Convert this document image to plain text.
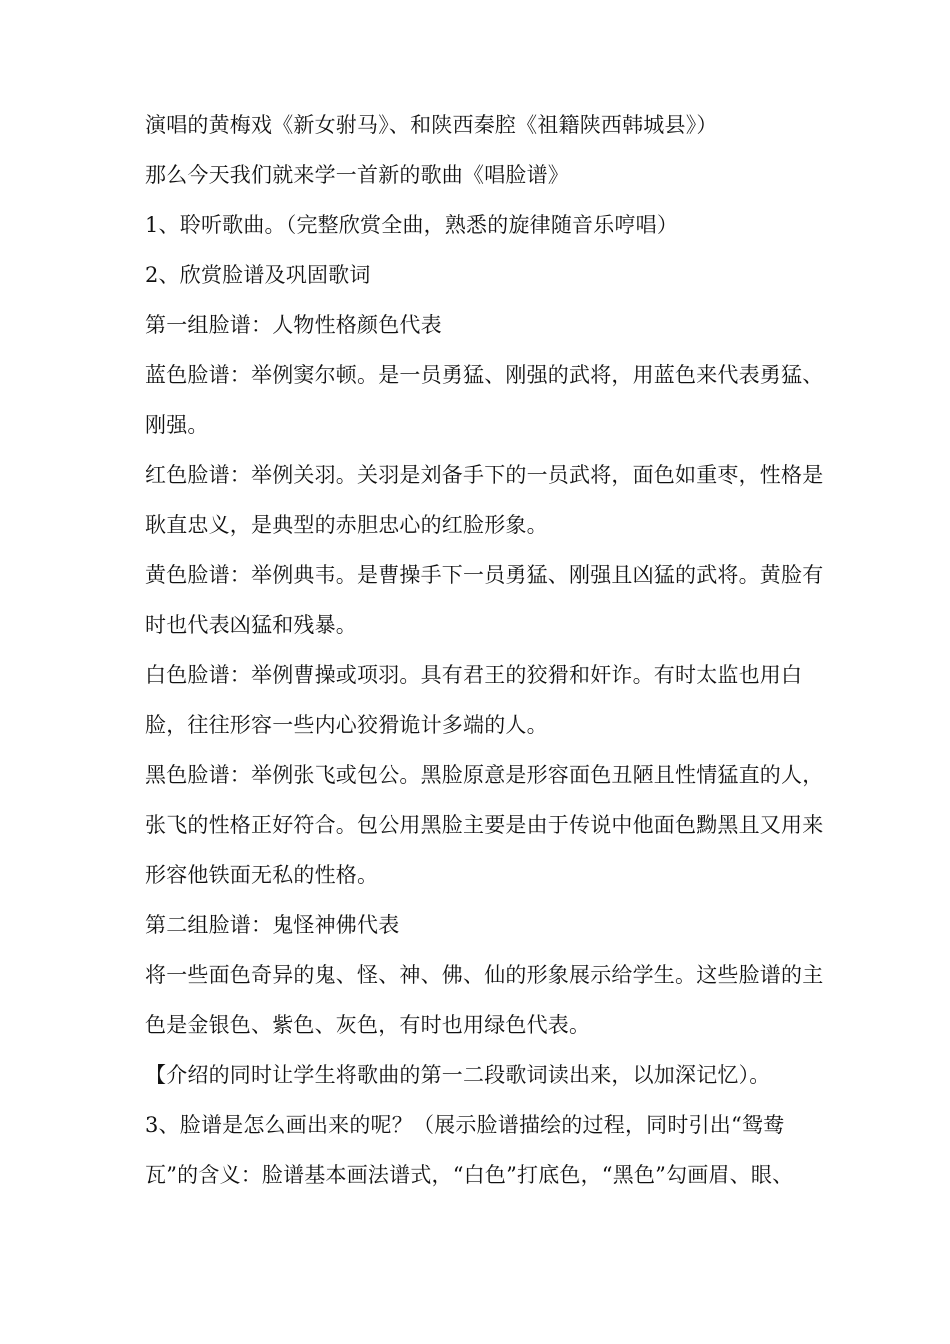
演唱的黄梅戏《新女驸马》、和陕西秦腔《祖籍陕西韩城县》）

那么今天我们就来学一首新的歌曲《唱脸谱》

1、聆听歌曲。（完整欣赏全曲，熟悉的旋律随音乐哼唱）

2、欣赏脸谱及巩固歌词

第一组脸谱：人物性格颜色代表

蓝色脸谱：举例窦尔顿。是一员勇猛、刚强的武将，用蓝色来代表勇猛、刚强。

红色脸谱：举例关羽。关羽是刘备手下的一员武将，面色如重枣，性格是耿直忠义，是典型的赤胆忠心的红脸形象。

黄色脸谱：举例典韦。是曹操手下一员勇猛、刚强且凶猛的武将。黄脸有时也代表凶猛和残暴。

白色脸谱：举例曹操或项羽。具有君王的狡猾和奸诈。有时太监也用白脸，往往形容一些内心狡猾诡计多端的人。

黑色脸谱：举例张飞或包公。黑脸原意是形容面色丑陋且性情猛直的人，张飞的性格正好符合。包公用黑脸主要是由于传说中他面色黝黑且又用来形容他铁面无私的性格。

第二组脸谱：鬼怪神佛代表

将一些面色奇异的鬼、怪、神、佛、仙的形象展示给学生。这些脸谱的主色是金银色、紫色、灰色，有时也用绿色代表。

【介绍的同时让学生将歌曲的第一二段歌词读出来，以加深记忆）。

3、脸谱是怎么画出来的呢？（展示脸谱描绘的过程，同时引出“鸳鸯瓦”的含义：脸谱基本画法谱式，“白色”打底色，“黑色”勾画眉、眼、
